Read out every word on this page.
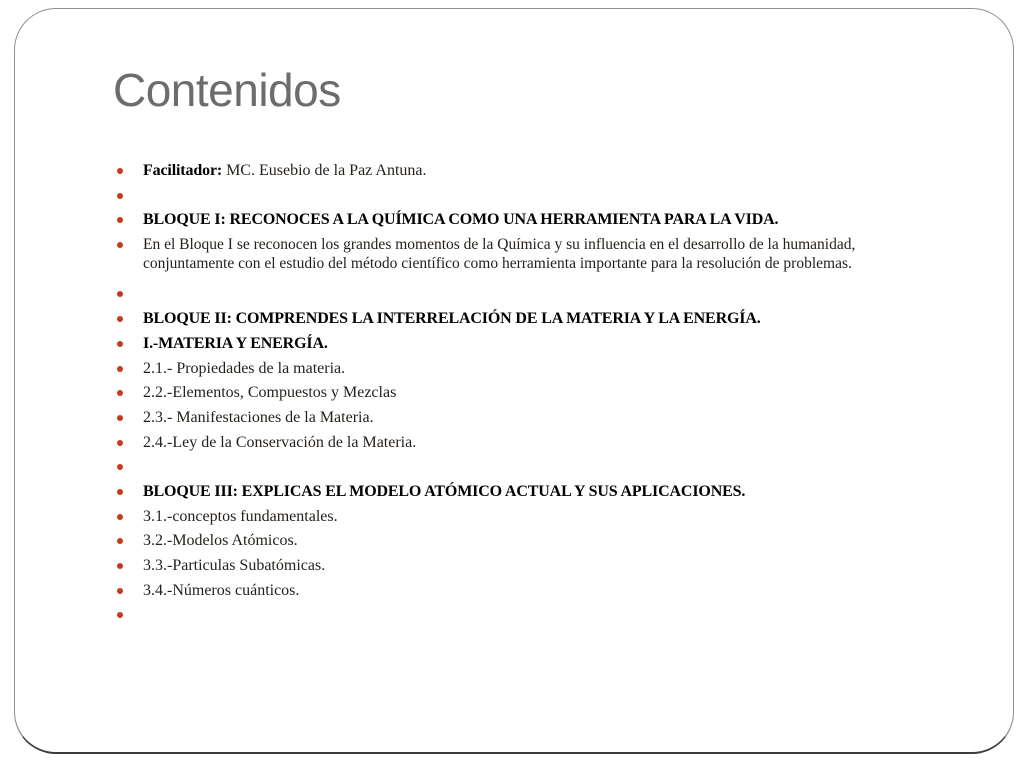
Contenidos
Facilitador: MC. Eusebio de la Paz Antuna.
BLOQUE I: RECONOCES A LA QUÍMICA COMO UNA HERRAMIENTA PARA LA VIDA.
En el Bloque I se reconocen los grandes momentos de la Química y su influencia en el desarrollo de la humanidad, conjuntamente con el estudio del método científico como herramienta importante para la resolución de problemas.
BLOQUE II: COMPRENDES LA INTERRELACIÓN DE LA MATERIA Y LA ENERGÍA.
I.-MATERIA Y ENERGÍA.
2.1.- Propiedades de la materia.
2.2.-Elementos, Compuestos y Mezclas
2.3.- Manifestaciones de la Materia.
2.4.-Ley de la Conservación de la Materia.
BLOQUE III: EXPLICAS EL MODELO ATÓMICO ACTUAL Y SUS APLICACIONES.
3.1.-conceptos fundamentales.
3.2.-Modelos Atómicos.
3.3.-Particulas Subatómicas.
3.4.-Números cuánticos.
